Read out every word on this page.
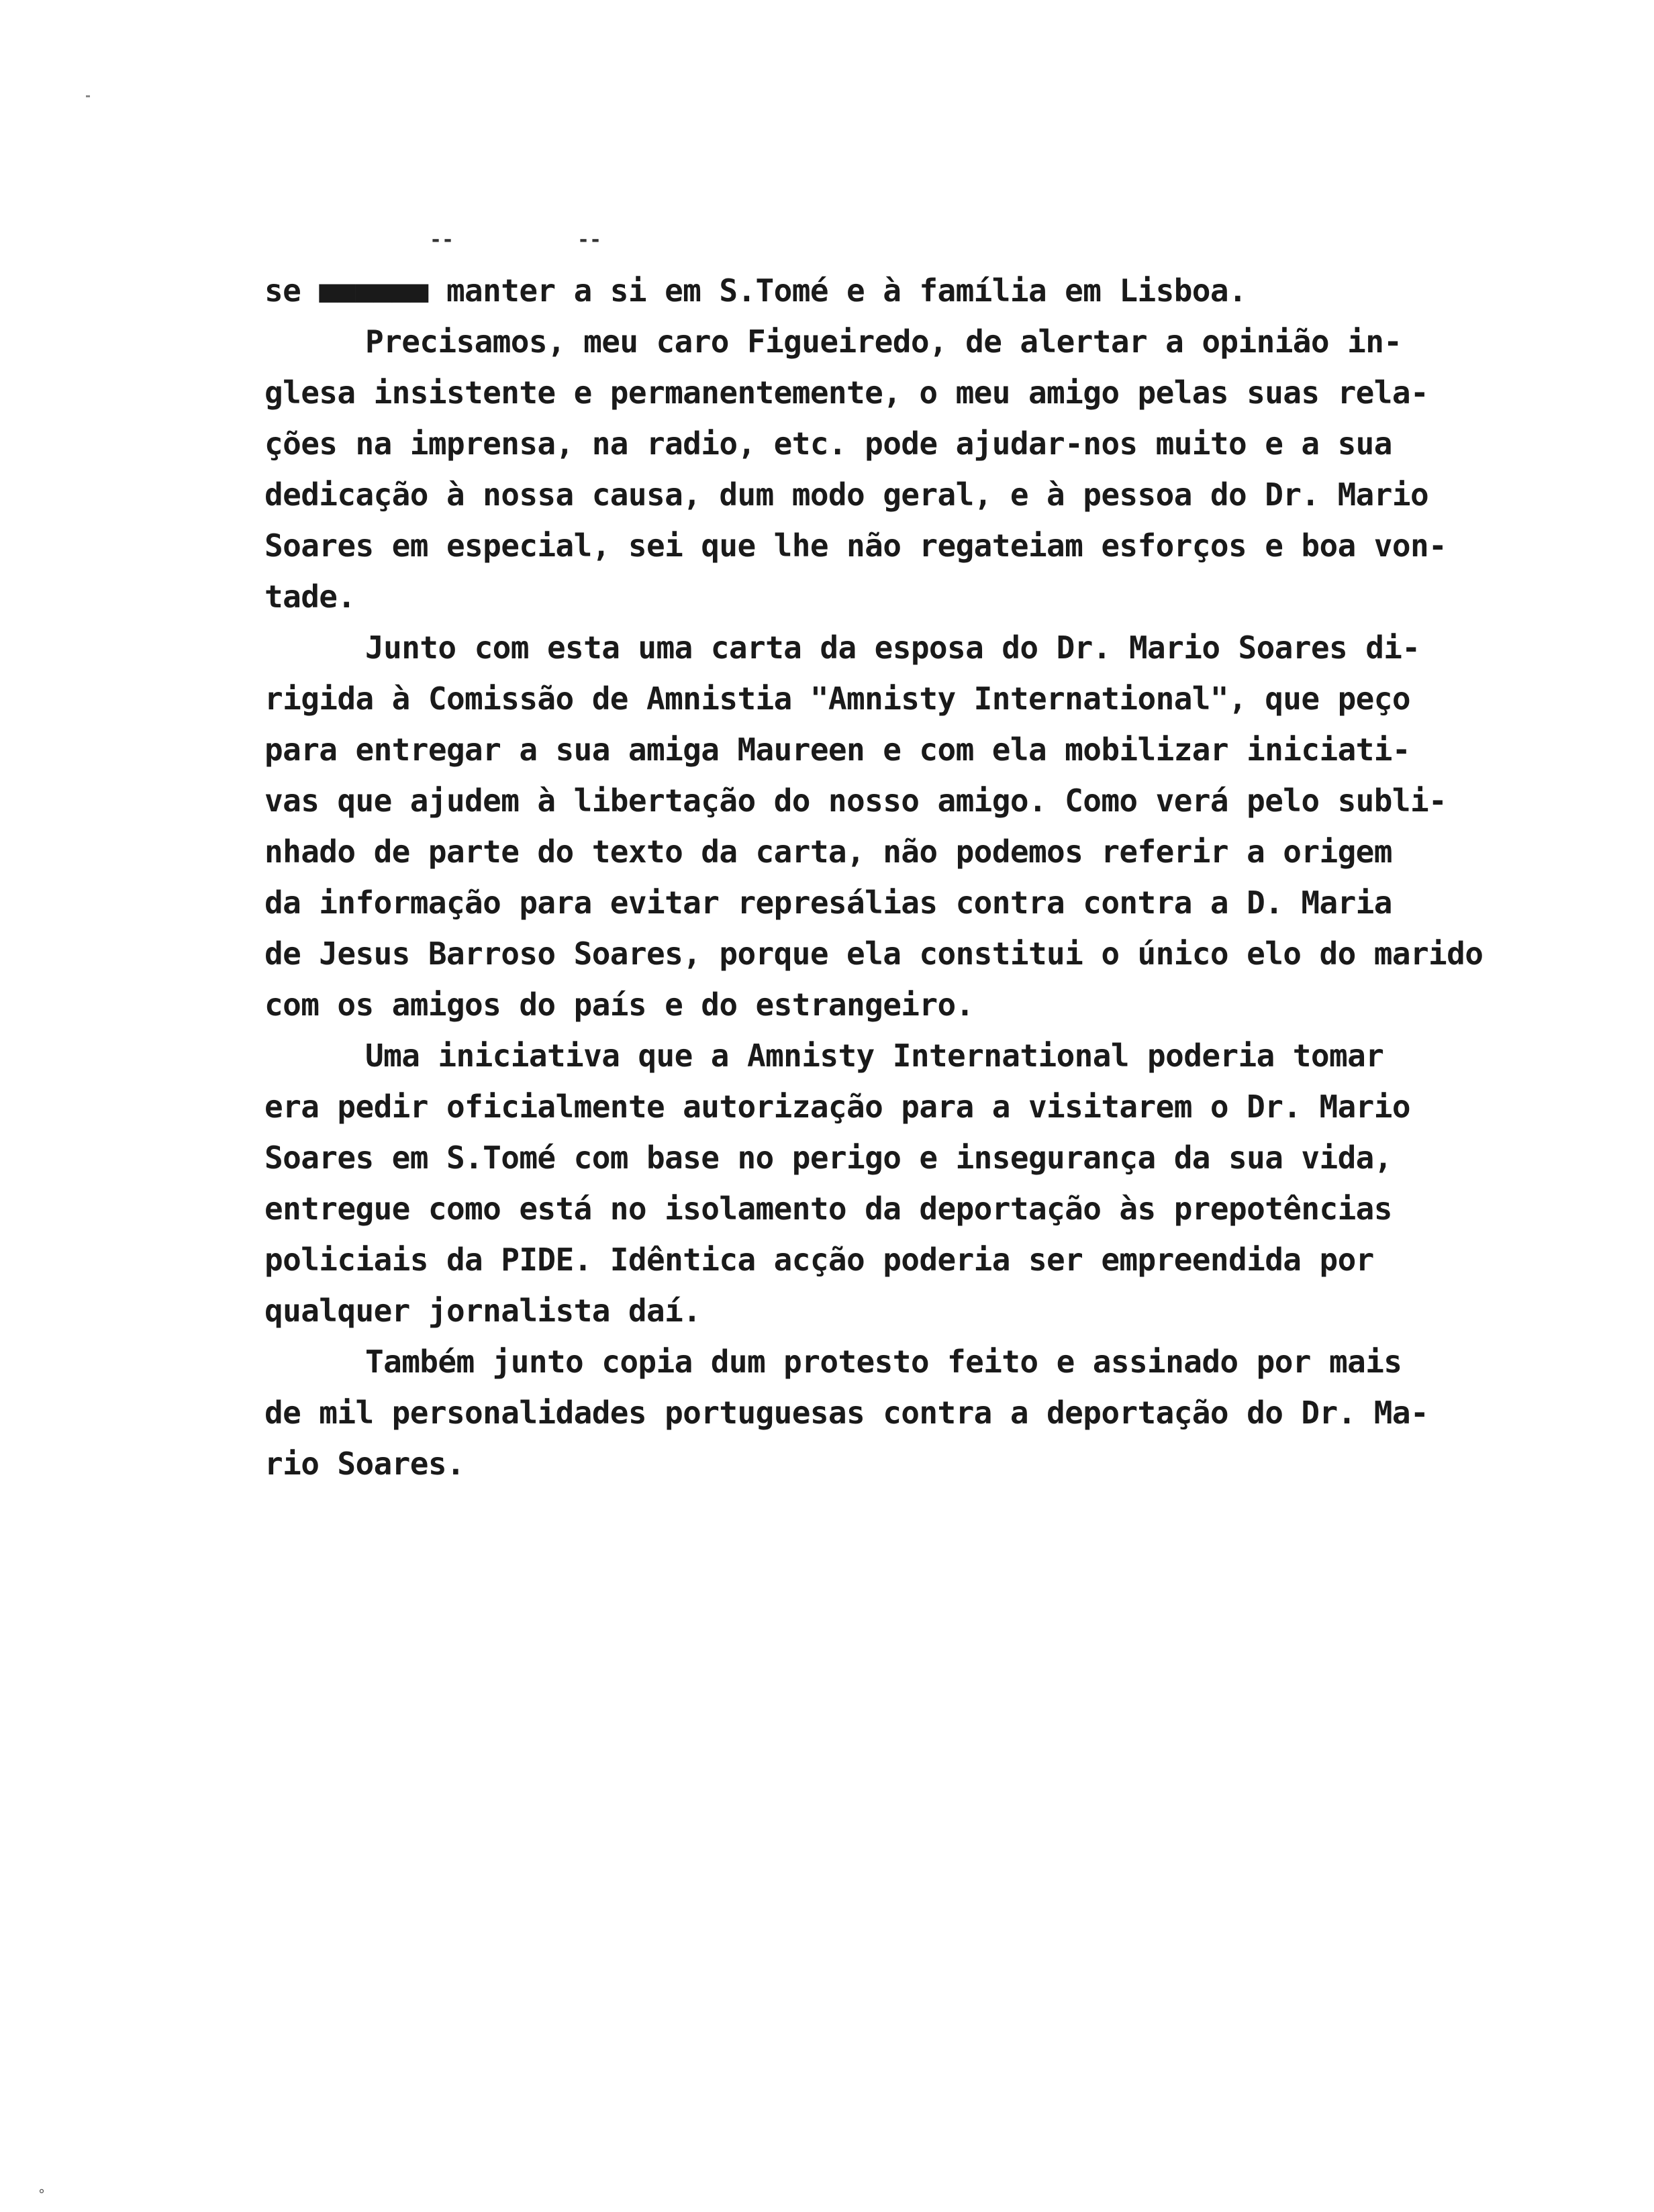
--	--
se ■■■■■■ manter a si em S.Tomé e à família em Lisboa.
Precisamos, meu caro Figueiredo, de alertar a opinião in-
glesa insistente e permanentemente, o meu amigo pelas suas rela-
ções na imprensa, na radio, etc. pode ajudar-nos muito e a sua
dedicação à nossa causa, dum modo geral, e à pessoa do Dr. Mario
Soares em especial, sei que lhe não regateiam esforços e boa von-
tade.
Junto com esta uma carta da esposa do Dr. Mario Soares di-
rigida à Comissão de Amnistia "Amnisty International", que peço
para entregar a sua amiga Maureen e com ela mobilizar iniciati-
vas que ajudem à libertação do nosso amigo. Como verá pelo subli-
nhado de parte do texto da carta, não podemos referir a origem
da informação para evitar represálias contra contra a D. Maria
de Jesus Barroso Soares, porque ela constitui o único elo do marido
com os amigos do país e do estrangeiro.
Uma iniciativa que a Amnisty International poderia tomar
era pedir oficialmente autorização para a visitarem o Dr. Mario
Soares em S.Tomé com base no perigo e insegurança da sua vida,
entregue como está no isolamento da deportação às prepotências
policiais da PIDE. Idêntica acção poderia ser empreendida por
qualquer jornalista daí.
Também junto copia dum protesto feito e assinado por mais
de mil personalidades portuguesas contra a deportação do Dr. Ma-
rio Soares.
°
